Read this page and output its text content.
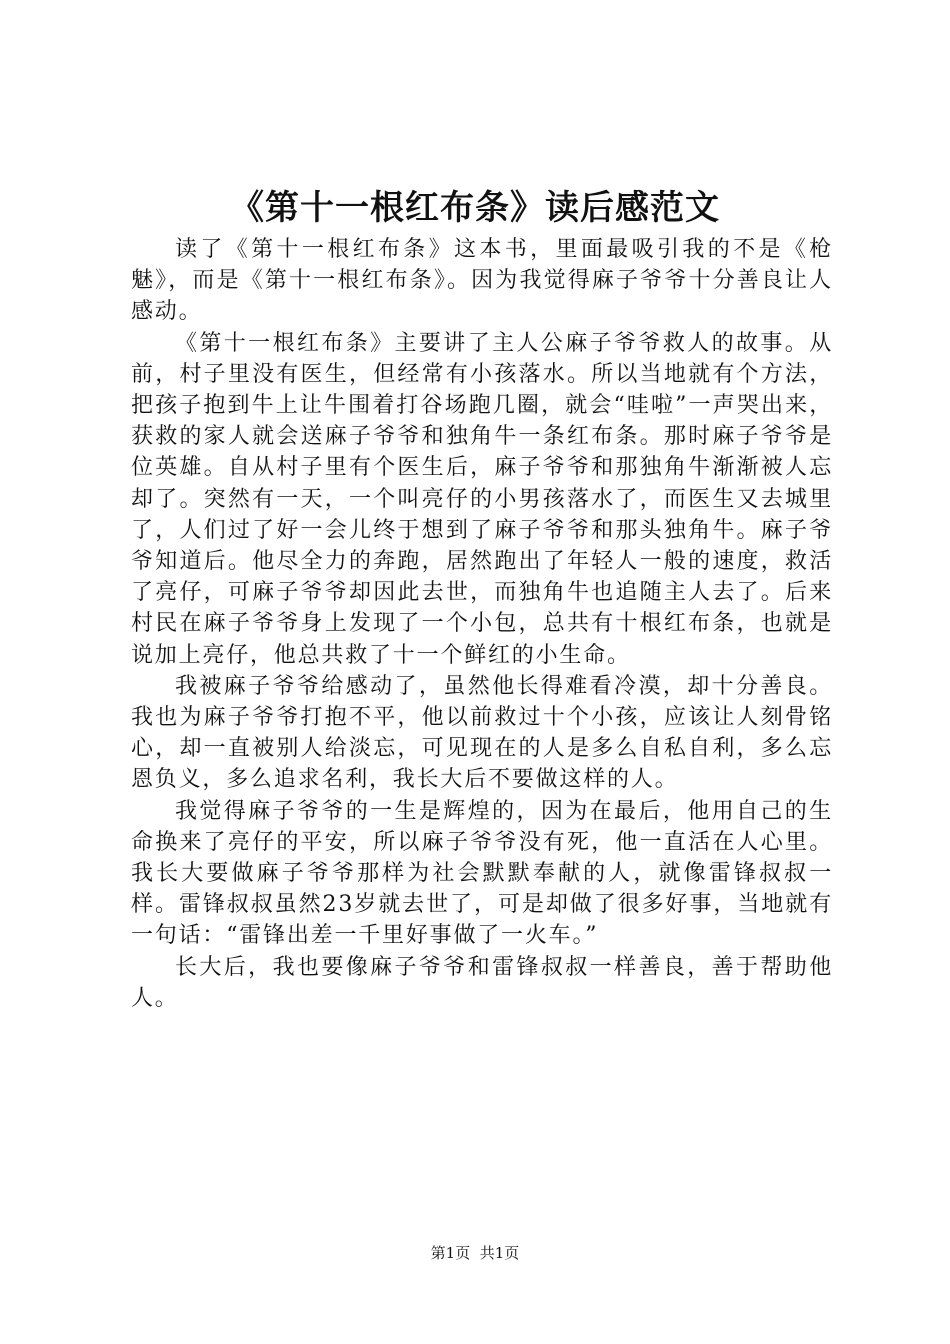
《第十一根红布条》读后感范文

读了《第十一根红布条》这本书，里面最吸引我的不是《枪魅》，而是《第十一根红布条》。因为我觉得麻子爷爷十分善良让人感动。

《第十一根红布条》主要讲了主人公麻子爷爷救人的故事。从前，村子里没有医生，但经常有小孩落水。所以当地就有个方法，把孩子抱到牛上让牛围着打谷场跑几圈，就会“哇啦”一声哭出来，获救的家人就会送麻子爷爷和独角牛一条红布条。那时麻子爷爷是位英雄。自从村子里有个医生后，麻子爷爷和那独角牛渐渐被人忘却了。突然有一天，一个叫亮仔的小男孩落水了，而医生又去城里了，人们过了好一会儿终于想到了麻子爷爷和那头独角牛。麻子爷爷知道后。他尽全力的奔跑，居然跑出了年轻人一般的速度，救活了亮仔，可麻子爷爷却因此去世，而独角牛也追随主人去了。后来村民在麻子爷爷身上发现了一个小包，总共有十根红布条，也就是说加上亮仔，他总共救了十一个鲜红的小生命。

我被麻子爷爷给感动了，虽然他长得难看冷漠，却十分善良。我也为麻子爷爷打抱不平，他以前救过十个小孩，应该让人刻骨铭心，却一直被别人给淡忘，可见现在的人是多么自私自利，多么忘恩负义，多么追求名利，我长大后不要做这样的人。

我觉得麻子爷爷的一生是辉煌的，因为在最后，他用自己的生命换来了亮仔的平安，所以麻子爷爷没有死，他一直活在人心里。我长大要做麻子爷爷那样为社会默默奉献的人，就像雷锋叔叔一样。雷锋叔叔虽然23岁就去世了，可是却做了很多好事，当地就有一句话：“雷锋出差一千里好事做了一火车。”

长大后，我也要像麻子爷爷和雷锋叔叔一样善良，善于帮助他人。

第1页 共1页
